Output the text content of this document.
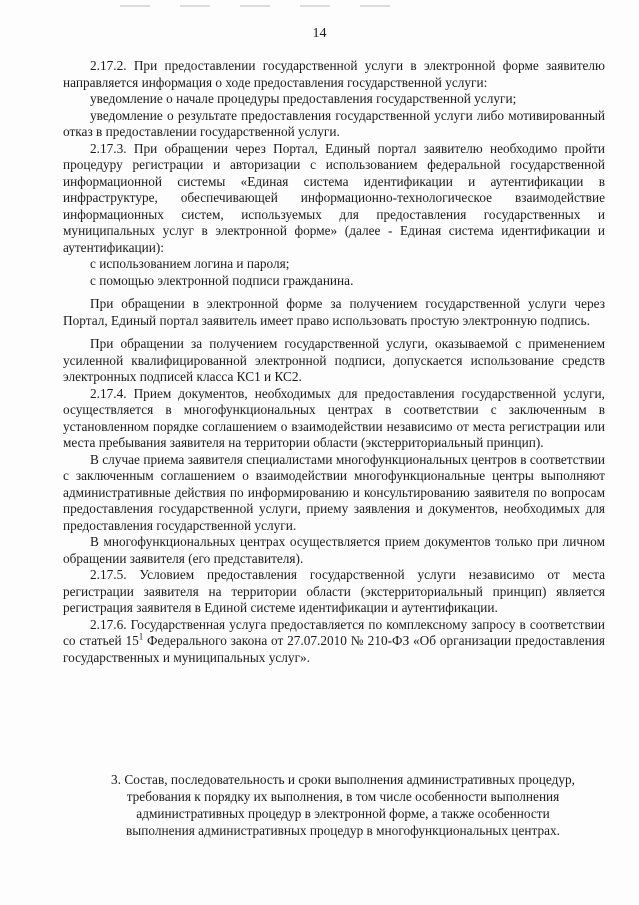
14

2.17.2. При предоставлении государственной услуги в электронной форме заявителю направляется информация о ходе предоставления государственной услуги:

уведомление о начале процедуры предоставления государственной услуги;

уведомление о результате предоставления государственной услуги либо мотивированный отказ в предоставлении государственной услуги.

2.17.3. При обращении через Портал, Единый портал заявителю необходимо пройти процедуру регистрации и авторизации с использованием федеральной государственной информационной системы «Единая система идентификации и аутентификации в инфраструктуре, обеспечивающей информационно-технологическое взаимодействие информационных систем, используемых для предоставления государственных и муниципальных услуг в электронной форме» (далее - Единая система идентификации и аутентификации):

с использованием логина и пароля;

с помощью электронной подписи гражданина.

При обращении в электронной форме за получением государственной услуги через Портал, Единый портал заявитель имеет право использовать простую электронную подпись.

При обращении за получением государственной услуги, оказываемой с применением усиленной квалифицированной электронной подписи, допускается использование средств электронных подписей класса КС1 и КС2.

2.17.4. Прием документов, необходимых для предоставления государственной услуги, осуществляется в многофункциональных центрах в соответствии с заключенным в установленном порядке соглашением о взаимодействии независимо от места регистрации или места пребывания заявителя на территории области (экстерриториальный принцип).

В случае приема заявителя специалистами многофункциональных центров в соответствии с заключенным соглашением о взаимодействии многофункциональные центры выполняют административные действия по информированию и консультированию заявителя по вопросам предоставления государственной услуги, приему заявления и документов, необходимых для предоставления государственной услуги.

В многофункциональных центрах осуществляется прием документов только при личном обращении заявителя (его представителя).

2.17.5. Условием предоставления государственной услуги независимо от места регистрации заявителя на территории области (экстерриториальный принцип) является регистрация заявителя в Единой системе идентификации и аутентификации.

2.17.6. Государственная услуга предоставляется по комплексному запросу в соответствии со статьей $15^1$ Федерального закона от 27.07.2010 № 210-ФЗ «Об организации предоставления государственных и муниципальных услуг».

3. Состав, последовательность и сроки выполнения административных процедур,

требования к порядку их выполнения, в том числе особенности выполнения

административных процедур в электронной форме, а также особенности

выполнения административных процедур в многофункциональных центрах.
